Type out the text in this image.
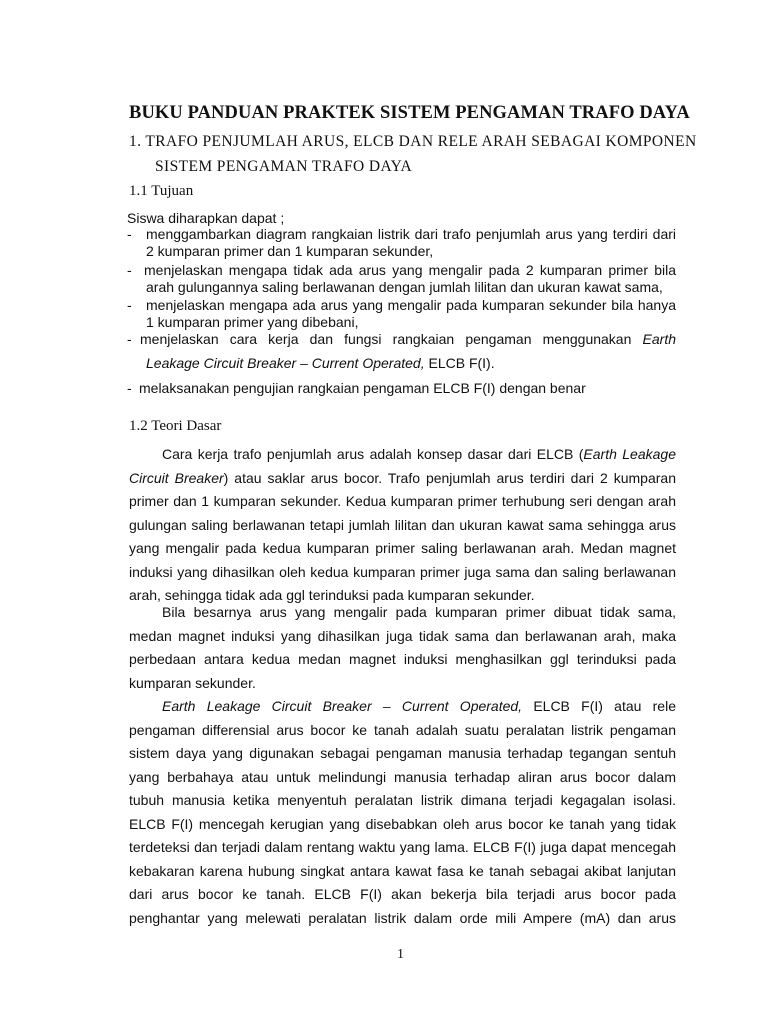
BUKU PANDUAN PRAKTEK SISTEM PENGAMAN TRAFO DAYA
1. TRAFO PENJUMLAH ARUS, ELCB DAN RELE ARAH SEBAGAI KOMPONEN
SISTEM PENGAMAN TRAFO DAYA
1.1 Tujuan
Siswa diharapkan dapat ;
- menggambarkan diagram rangkaian listrik dari trafo penjumlah arus yang terdiri dari
2 kumparan primer dan 1 kumparan sekunder,
- menjelaskan mengapa tidak ada arus yang mengalir pada 2 kumparan primer bila
arah gulungannya saling berlawanan dengan jumlah lilitan dan ukuran kawat sama,
- menjelaskan mengapa ada arus yang mengalir pada kumparan sekunder bila hanya
1 kumparan primer yang dibebani,
- menjelaskan cara kerja dan fungsi rangkaian pengaman menggunakan Earth
Leakage Circuit Breaker – Current Operated, ELCB F(I).
- melaksanakan pengujian rangkaian pengaman ELCB F(I) dengan benar
1.2 Teori Dasar
Cara kerja trafo penjumlah arus adalah konsep dasar dari ELCB (Earth Leakage
Circuit Breaker) atau saklar arus bocor. Trafo penjumlah arus terdiri dari 2 kumparan
primer dan 1 kumparan sekunder. Kedua kumparan primer terhubung seri dengan arah
gulungan saling berlawanan tetapi jumlah lilitan dan ukuran kawat sama sehingga arus
yang mengalir pada kedua kumparan primer saling berlawanan arah. Medan magnet
induksi yang dihasilkan oleh kedua kumparan primer juga sama dan saling berlawanan
arah, sehingga tidak ada ggl terinduksi pada kumparan sekunder.
Bila besarnya arus yang mengalir pada kumparan primer dibuat tidak sama,
medan magnet induksi yang dihasilkan juga tidak sama dan berlawanan arah, maka
perbedaan antara kedua medan magnet induksi menghasilkan ggl terinduksi pada
kumparan sekunder.
Earth Leakage Circuit Breaker – Current Operated, ELCB F(I) atau rele
pengaman differensial arus bocor ke tanah adalah suatu peralatan listrik pengaman
sistem daya yang digunakan sebagai pengaman manusia terhadap tegangan sentuh
yang berbahaya atau untuk melindungi manusia terhadap aliran arus bocor dalam
tubuh manusia ketika menyentuh peralatan listrik dimana terjadi kegagalan isolasi.
ELCB F(I) mencegah kerugian yang disebabkan oleh arus bocor ke tanah yang tidak
terdeteksi dan terjadi dalam rentang waktu yang lama. ELCB F(I) juga dapat mencegah
kebakaran karena hubung singkat antara kawat fasa ke tanah sebagai akibat lanjutan
dari arus bocor ke tanah. ELCB F(I) akan bekerja bila terjadi arus bocor pada
penghantar yang melewati peralatan listrik dalam orde mili Ampere (mA) dan arus
1
